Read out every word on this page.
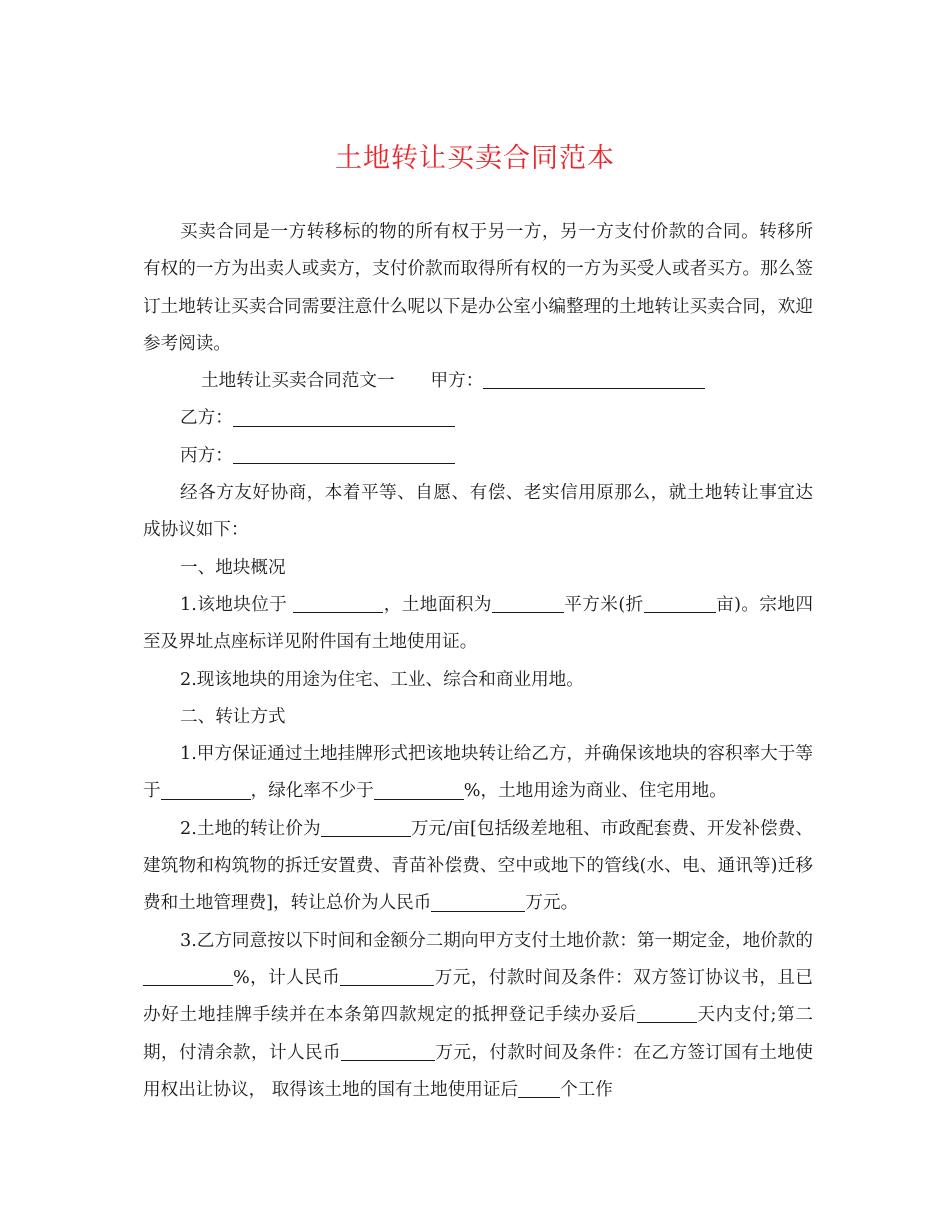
土地转让买卖合同范本

买卖合同是一方转移标的物的所有权于另一方，另一方支付价款的合同。转移所有权的一方为出卖人或卖方，支付价款而取得所有权的一方为买受人或者买方。那么签订土地转让买卖合同需要注意什么呢以下是办公室小编整理的土地转让买卖合同，欢迎参考阅读。

土地转让买卖合同范文一 甲方：

乙方：

丙方：

经各方友好协商，本着平等、自愿、有偿、老实信用原那么，就土地转让事宜达成协议如下：

一、地块概况

1.该地块位于	，土地面积为	平方米(折	亩)。宗地四至及界址点座标详见附件国有土地使用证。

2.现该地块的用途为住宅、工业、综合和商业用地。

二、转让方式

1.甲方保证通过土地挂牌形式把该地块转让给乙方，并确保该地块的容积率大于等于	，绿化率不少于	%，土地用途为商业、住宅用地。

2.土地的转让价为	万元/亩[包括级差地租、市政配套费、开发补偿费、建筑物和构筑物的拆迁安置费、青苗补偿费、空中或地下的管线(水、电、通讯等)迁移费和土地管理费]，转让总价为人民币	万元。

3.乙方同意按以下时间和金额分二期向甲方支付土地价款：第一期定金，地价款的%，计人民币	万元，付款时间及条件：双方签订协议书，且已办好土地挂牌手续并在本条第四款规定的抵押登记手续办妥后	天内支付;第二期，付清余款，计人民币	万元，付款时间及条件：在乙方签订国有土地使用权出让协议， 取得该土地的国有土地使用证后 个工作
